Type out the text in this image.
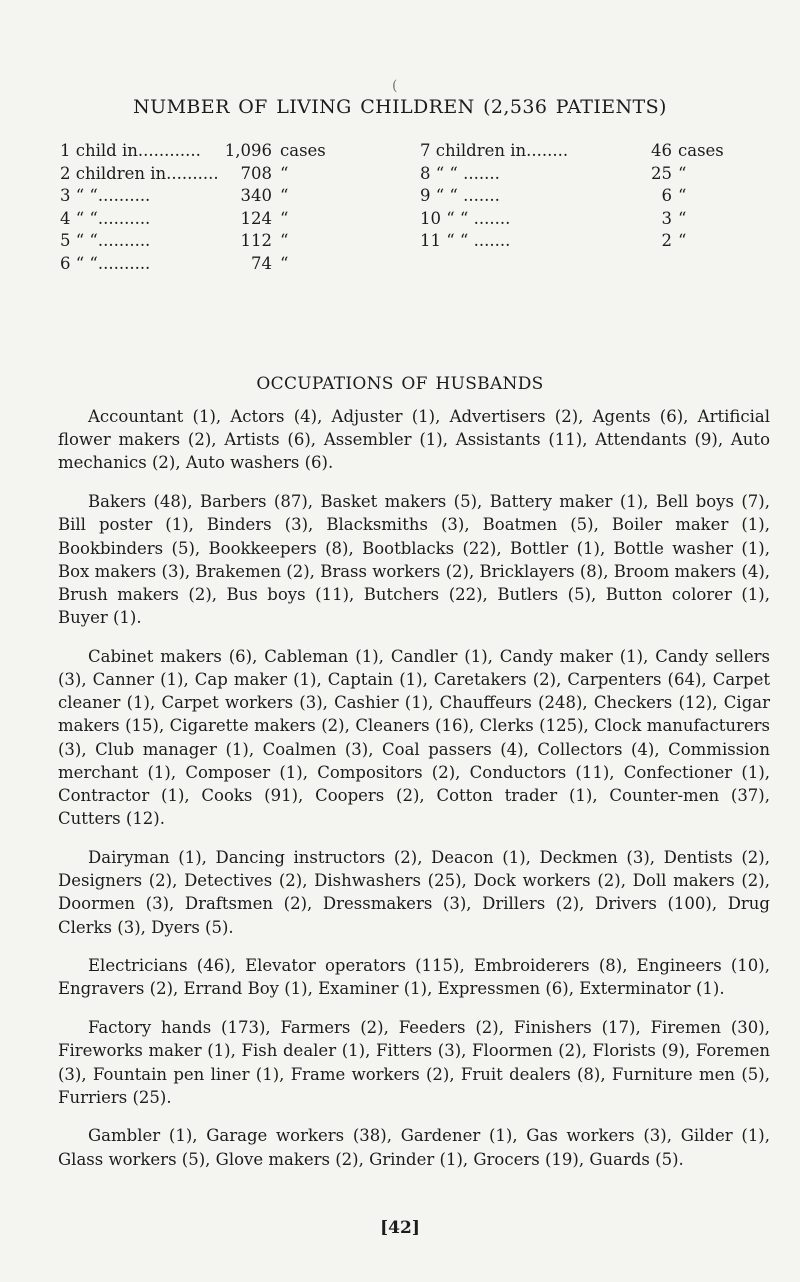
(
NUMBER OF LIVING CHILDREN (2,536 PATIENTS)
1 child in............ 1,096 cases
2 children in.......... 708 “
3 “ “..........	340 “
4 “ “..........	124 “
5 “ “..........	112 “
6 “ “..........	74 “
7 children in........	46 cases
8 “ “ .......	25 “
9 “ “ .......	6 “
10 “ “ .......	3 “
11 “ “ .......	2 “
OCCUPATIONS OF HUSBANDS

Accountant (1), Actors (4), Adjuster (1), Advertisers (2), Agents (6), Artificial flower makers (2), Artists (6), Assembler (1), Assistants (11), Attendants (9), Auto mechanics (2), Auto washers (6).

Bakers (48), Barbers (87), Basket makers (5), Battery maker (1), Bell boys (7), Bill poster (1), Binders (3), Blacksmiths (3), Boatmen (5), Boiler maker (1), Bookbinders (5), Bookkeepers (8), Bootblacks (22), Bottler (1), Bottle washer (1), Box makers (3), Brakemen (2), Brass workers (2), Bricklayers (8), Broom makers (4), Brush makers (2), Bus boys (11), Butchers (22), Butlers (5), Button colorer (1), Buyer (1).

Cabinet makers (6), Cableman (1), Candler (1), Candy maker (1), Candy sellers (3), Canner (1), Cap maker (1), Captain (1), Caretakers (2), Carpenters (64), Carpet cleaner (1), Carpet workers (3), Cashier (1), Chauffeurs (248), Checkers (12), Cigar makers (15), Cigarette makers (2), Cleaners (16), Clerks (125), Clock manufacturers (3), Club manager (1), Coalmen (3), Coal passers (4), Collectors (4), Commission merchant (1), Composer (1), Compositors (2), Conductors (11), Confectioner (1), Contractor (1), Cooks (91), Coopers (2), Cotton trader (1), Counter-men (37), Cutters (12).

Dairyman (1), Dancing instructors (2), Deacon (1), Deckmen (3), Dentists (2), Designers (2), Detectives (2), Dishwashers (25), Dock workers (2), Doll makers (2), Doormen (3), Draftsmen (2), Dressmakers (3), Drillers (2), Drivers (100), Drug Clerks (3), Dyers (5).

Electricians (46), Elevator operators (115), Embroiderers (8), Engineers (10), Engravers (2), Errand Boy (1), Examiner (1), Expressmen (6), Exterminator (1).

Factory hands (173), Farmers (2), Feeders (2), Finishers (17), Firemen (30), Fireworks maker (1), Fish dealer (1), Fitters (3), Floormen (2), Florists (9), Foremen (3), Fountain pen liner (1), Frame workers (2), Fruit dealers (8), Furniture men (5), Furriers (25).

Gambler (1), Garage workers (38), Gardener (1), Gas workers (3), Gilder (1), Glass workers (5), Glove makers (2), Grinder (1), Grocers (19), Guards (5).

[42]
